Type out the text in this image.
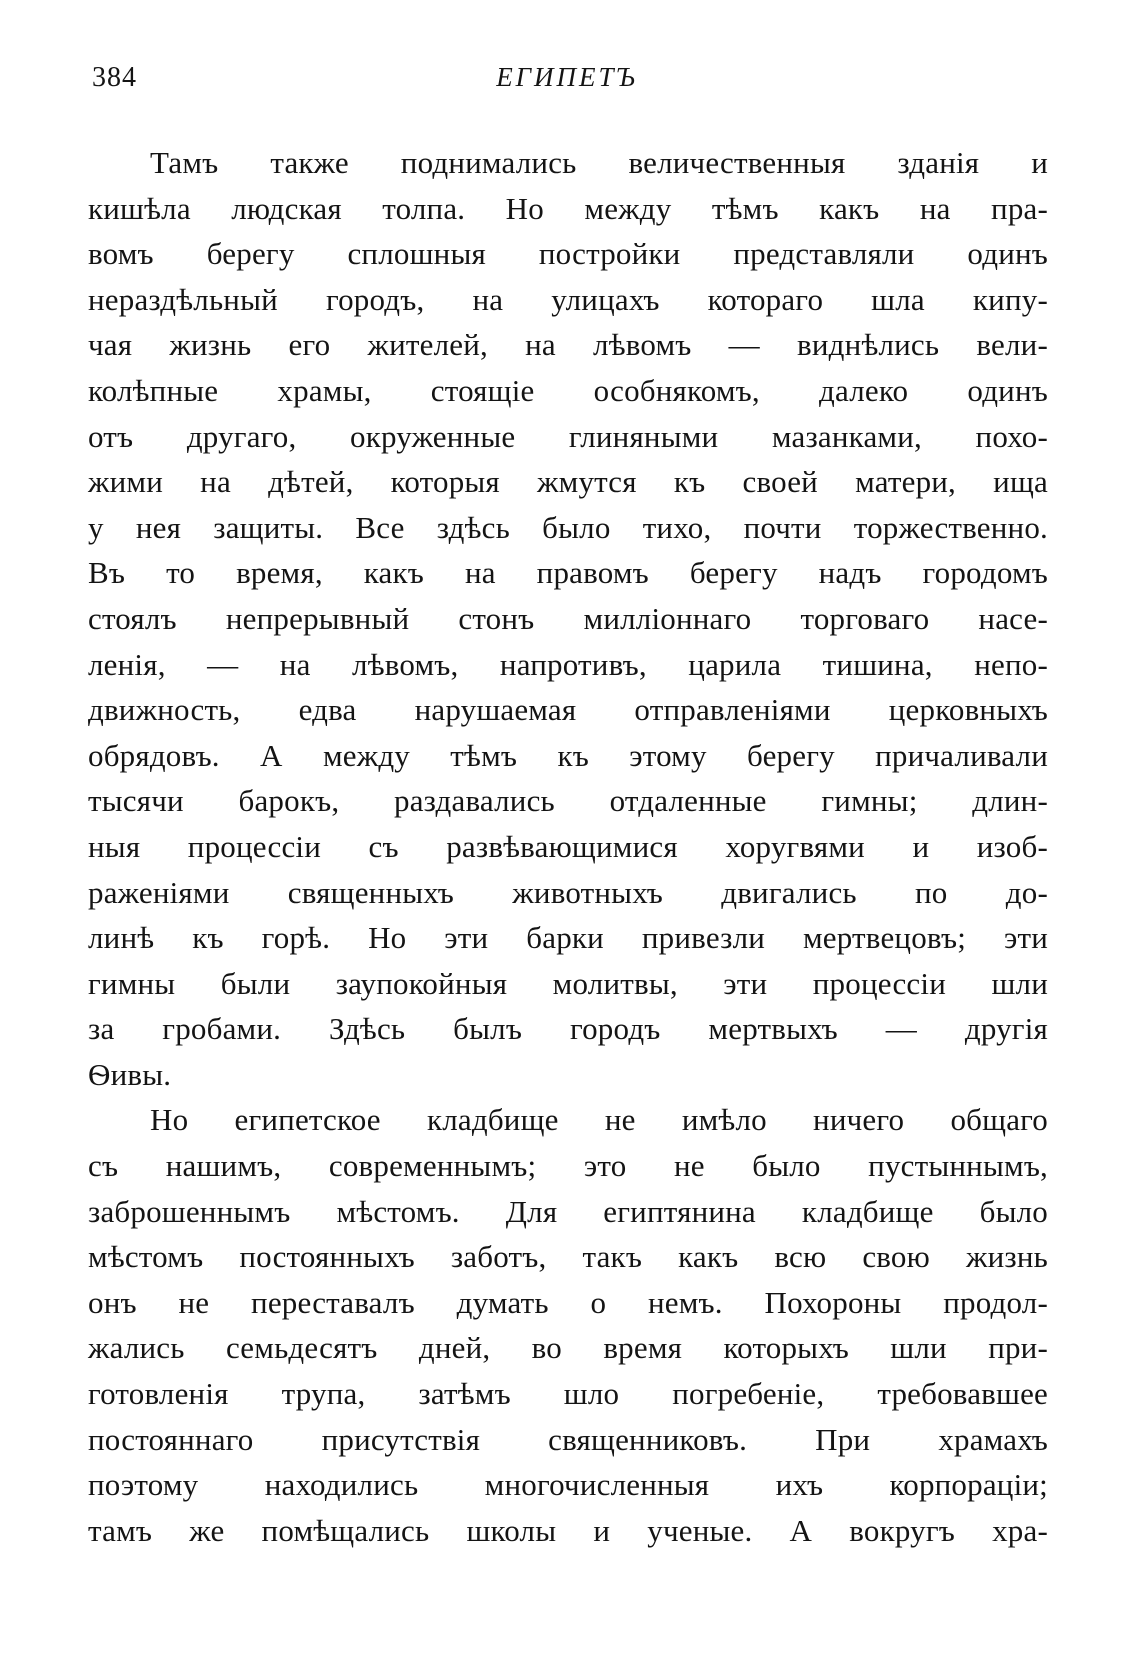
384	ЕГИПЕТЪ
Тамъ также поднимались величественныя зданія и
кишѣла людская толпа. Но между тѣмъ какъ на пра-
вомъ берегу сплошныя постройки представляли одинъ
нераздѣльный городъ, на улицахъ котораго шла кипу-
чая жизнь его жителей, на лѣвомъ — виднѣлись вели-
колѣпные храмы, стоящіе особнякомъ, далеко одинъ
отъ другаго, окруженные глиняными мазанками, похо-
жими на дѣтей, которыя жмутся къ своей матери, ища
у нея защиты. Все здѣсь было тихо, почти торжественно.
Въ то время, какъ на правомъ берегу надъ городомъ
стоялъ непрерывный стонъ милліоннаго торговаго насе-
ленія, — на лѣвомъ, напротивъ, царила тишина, непо-
движность, едва нарушаемая отправленіями церковныхъ
обрядовъ. А между тѣмъ къ этому берегу причаливали
тысячи барокъ, раздавались отдаленные гимны; длин-
ныя процессіи съ развѣвающимися хоругвями и изоб-
раженіями священныхъ животныхъ двигались по до-
линѣ къ горѣ. Но эти барки привезли мертвецовъ; эти
гимны были заупокойныя молитвы, эти процессіи шли
за гробами. Здѣсь былъ городъ мертвыхъ — другія
Ѳивы.
Но египетское кладбище не имѣло ничего общаго
съ нашимъ, современнымъ; это не было пустыннымъ,
заброшеннымъ мѣстомъ. Для египтянина кладбище было
мѣстомъ постоянныхъ заботъ, такъ какъ всю свою жизнь
онъ не переставалъ думать о немъ. Похороны продол-
жались семьдесятъ дней, во время которыхъ шли при-
готовленія трупа, затѣмъ шло погребеніе, требовавшее
постояннаго присутствія священниковъ. При храмахъ
поэтому находились многочисленныя ихъ корпораціи;
тамъ же помѣщались школы и ученые. А вокругъ хра-
